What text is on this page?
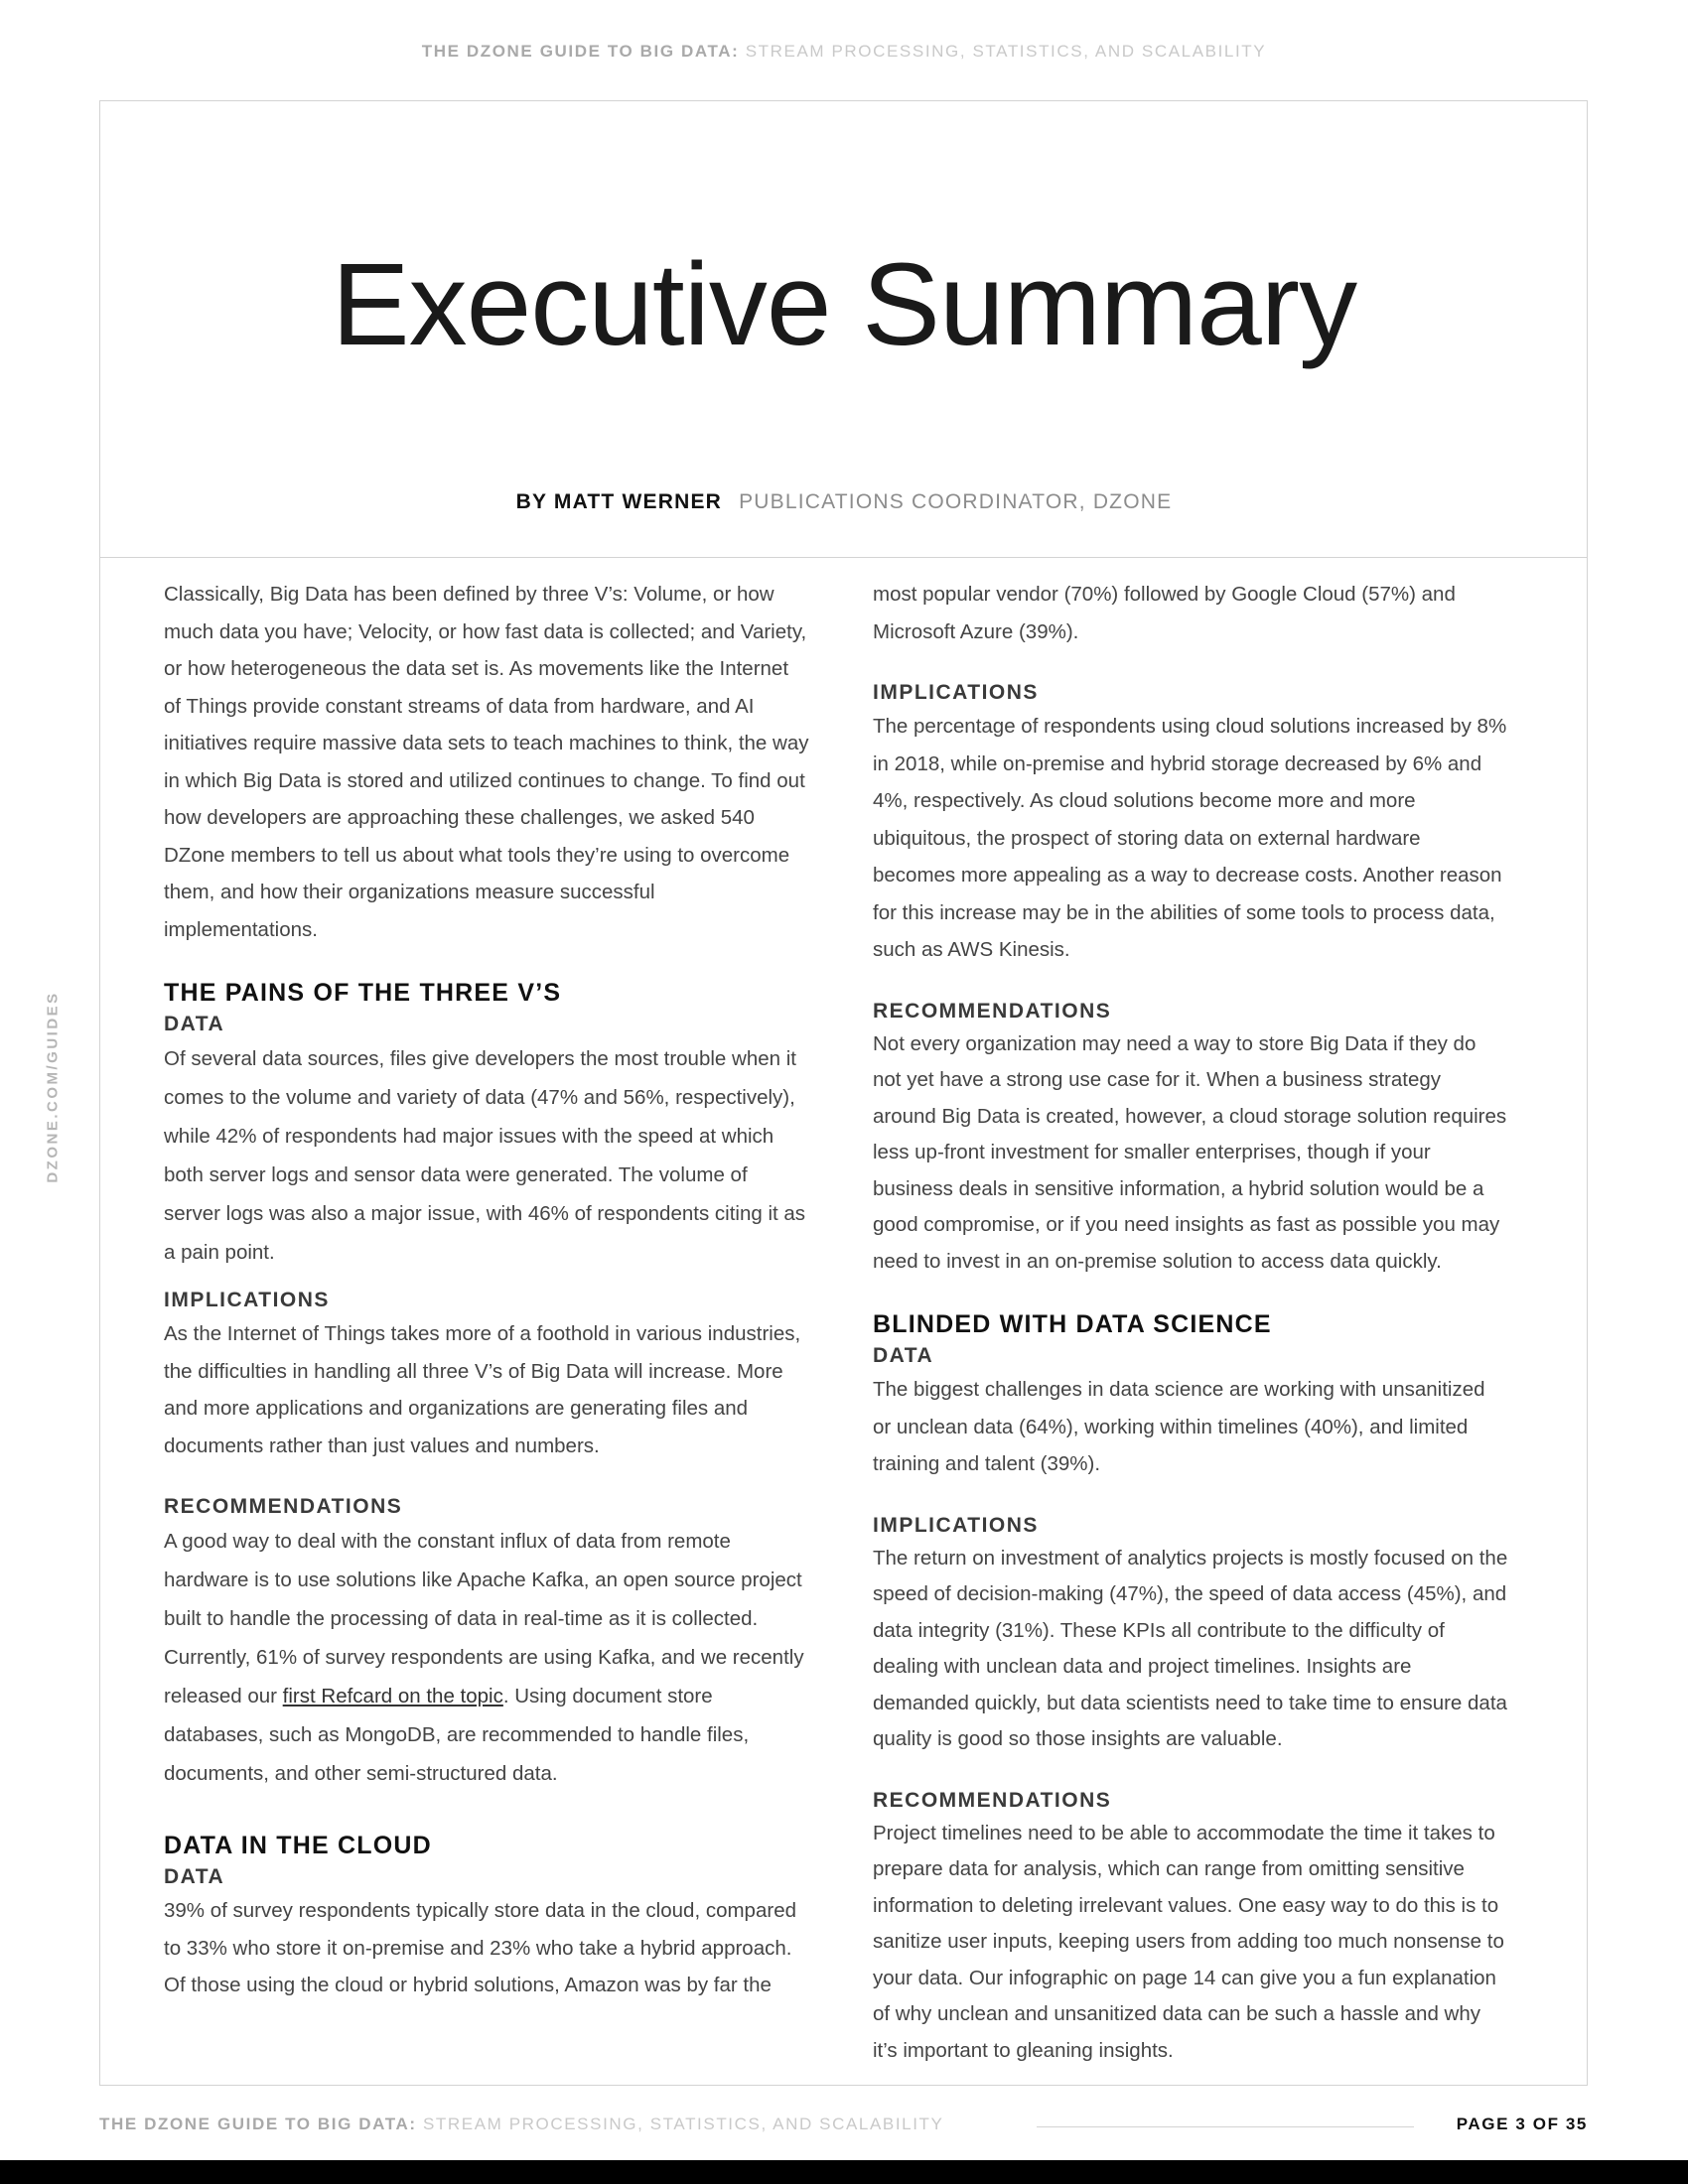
THE DZONE GUIDE TO BIG DATA: STREAM PROCESSING, STATISTICS, AND SCALABILITY
Executive Summary
BY MATT WERNER PUBLICATIONS COORDINATOR, DZONE
DZONE.COM/GUIDES

Classically, Big Data has been defined by three V’s: Volume, or how much data you have; Velocity, or how fast data is collected; and Variety, or how heterogeneous the data set is. As movements like the Internet of Things provide constant streams of data from hardware, and AI initiatives require massive data sets to teach machines to think, the way in which Big Data is stored and utilized continues to change. To find out how developers are approaching these challenges, we asked 540 DZone members to tell us about what tools they’re using to overcome them, and how their organizations measure successful implementations.

THE PAINS OF THE THREE V’S
DATA

Of several data sources, files give developers the most trouble when it comes to the volume and variety of data (47% and 56%, respectively), while 42% of respondents had major issues with the speed at which both server logs and sensor data were generated. The volume of server logs was also a major issue, with 46% of respondents citing it as a pain point.

IMPLICATIONS

As the Internet of Things takes more of a foothold in various industries, the difficulties in handling all three V’s of Big Data will increase. More and more applications and organizations are generating files and documents rather than just values and numbers.

RECOMMENDATIONS

A good way to deal with the constant influx of data from remote hardware is to use solutions like Apache Kafka, an open source project built to handle the processing of data in real-time as it is collected. Currently, 61% of survey respondents are using Kafka, and we recently released our first Refcard on the topic. Using document store databases, such as MongoDB, are recommended to handle files, documents, and other semi-structured data.

DATA IN THE CLOUD
DATA

39% of survey respondents typically store data in the cloud, compared to 33% who store it on-premise and 23% who take a hybrid approach. Of those using the cloud or hybrid solutions, Amazon was by far the

most popular vendor (70%) followed by Google Cloud (57%) and Microsoft Azure (39%).

IMPLICATIONS

The percentage of respondents using cloud solutions increased by 8% in 2018, while on-premise and hybrid storage decreased by 6% and 4%, respectively. As cloud solutions become more and more ubiquitous, the prospect of storing data on external hardware becomes more appealing as a way to decrease costs. Another reason for this increase may be in the abilities of some tools to process data, such as AWS Kinesis.

RECOMMENDATIONS

Not every organization may need a way to store Big Data if they do not yet have a strong use case for it. When a business strategy around Big Data is created, however, a cloud storage solution requires less up-front investment for smaller enterprises, though if your business deals in sensitive information, a hybrid solution would be a good compromise, or if you need insights as fast as possible you may need to invest in an on-premise solution to access data quickly.

BLINDED WITH DATA SCIENCE
DATA

The biggest challenges in data science are working with unsanitized or unclean data (64%), working within timelines (40%), and limited training and talent (39%).

IMPLICATIONS

The return on investment of analytics projects is mostly focused on the speed of decision-making (47%), the speed of data access (45%), and data integrity (31%). These KPIs all contribute to the difficulty of dealing with unclean data and project timelines. Insights are demanded quickly, but data scientists need to take time to ensure data quality is good so those insights are valuable.

RECOMMENDATIONS

Project timelines need to be able to accommodate the time it takes to prepare data for analysis, which can range from omitting sensitive information to deleting irrelevant values. One easy way to do this is to sanitize user inputs, keeping users from adding too much nonsense to your data. Our infographic on page 14 can give you a fun explanation of why unclean and unsanitized data can be such a hassle and why it’s important to gleaning insights.

THE DZONE GUIDE TO BIG DATA: STREAM PROCESSING, STATISTICS, AND SCALABILITY	PAGE 3 OF 35
